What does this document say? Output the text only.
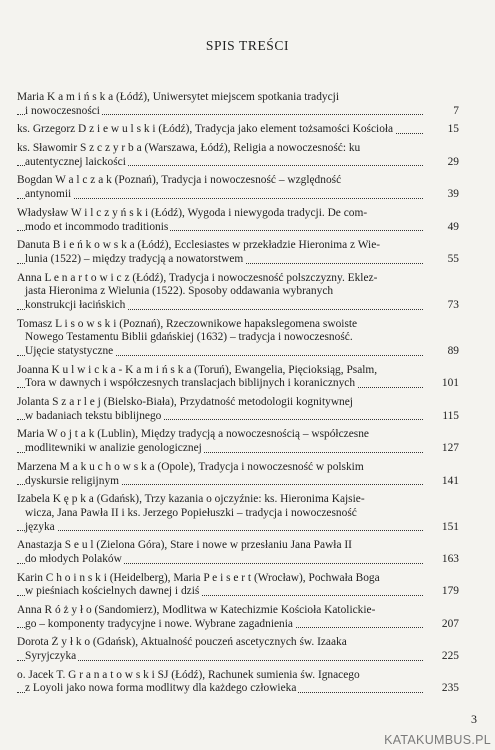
SPIS TREŚCI
Maria K a m i ń s k a (Łódź), Uniwersytet miejscem spotkania tradycji
i nowoczesności	7
ks. Grzegorz D z i e w u l s k i (Łódź), Tradycja jako element tożsamości Kościoła	15
ks. Sławomir S z c z y r b a (Warszawa, Łódź), Religia a nowoczesność: ku
autentycznej laickości	29
Bogdan W a l c z a k (Poznań), Tradycja i nowoczesność – względność
antynomii	39
Władysław W i l c z y ń s k i (Łódź), Wygoda i niewygoda tradycji. De com-
modo et incommodo traditionis	49
Danuta B i e ń k o w s k a (Łódź), Ecclesiastes w przekładzie Hieronima z Wie-
lunia (1522) – między tradycją a nowatorstwem	55
Anna L e n a r t o w i c z (Łódź), Tradycja i nowoczesność polszczyzny. Eklez-
jasta Hieronima z Wielunia (1522). Sposoby oddawania wybranych
konstrukcji łacińskich	73
Tomasz L i s o w s k i (Poznań), Rzeczownikowe hapakslegomena swoiste
Nowego Testamentu Biblii gdańskiej (1632) – tradycja i nowoczesność.
Ujęcie statystyczne	89
Joanna K u l w i c k a - K a m i ń s k a (Toruń), Ewangelia, Pięcioksiąg, Psalm,
Tora w dawnych i współczesnych translacjach biblijnych i koranicznych	101
Jolanta S z a r l e j (Bielsko-Biała), Przydatność metodologii kognitywnej
w badaniach tekstu biblijnego	115
Maria W o j t a k (Lublin), Między tradycją a nowoczesnością – współczesne
modlitewniki w analizie genologicznej	127
Marzena M a k u c h o w s k a (Opole), Tradycja i nowoczesność w polskim
dyskursie religijnym	141
Izabela K ę p k a (Gdańsk), Trzy kazania o ojczyźnie: ks. Hieronima Kajsie-
wicza, Jana Pawła II i ks. Jerzego Popiełuszki – tradycja i nowoczesność
języka	151
Anastazja S e u l (Zielona Góra), Stare i nowe w przesłaniu Jana Pawła II
do młodych Polaków	163
Karin C h o i n s k i (Heidelberg), Maria P e i s e r t (Wrocław), Pochwała Boga
w pieśniach kościelnych dawnej i dziś	179
Anna R ó ż y ł o (Sandomierz), Modlitwa w Katechizmie Kościoła Katolickie-
go – komponenty tradycyjne i nowe. Wybrane zagadnienia	207
Dorota Ż y ł k o (Gdańsk), Aktualność pouczeń ascetycznych św. Izaaka
Syryjczyka	225
o. Jacek T. G r a n a t o w s k i SJ (Łódź), Rachunek sumienia św. Ignacego
z Loyoli jako nowa forma modlitwy dla każdego człowieka	235
3
KATAKUMBUS.PL
